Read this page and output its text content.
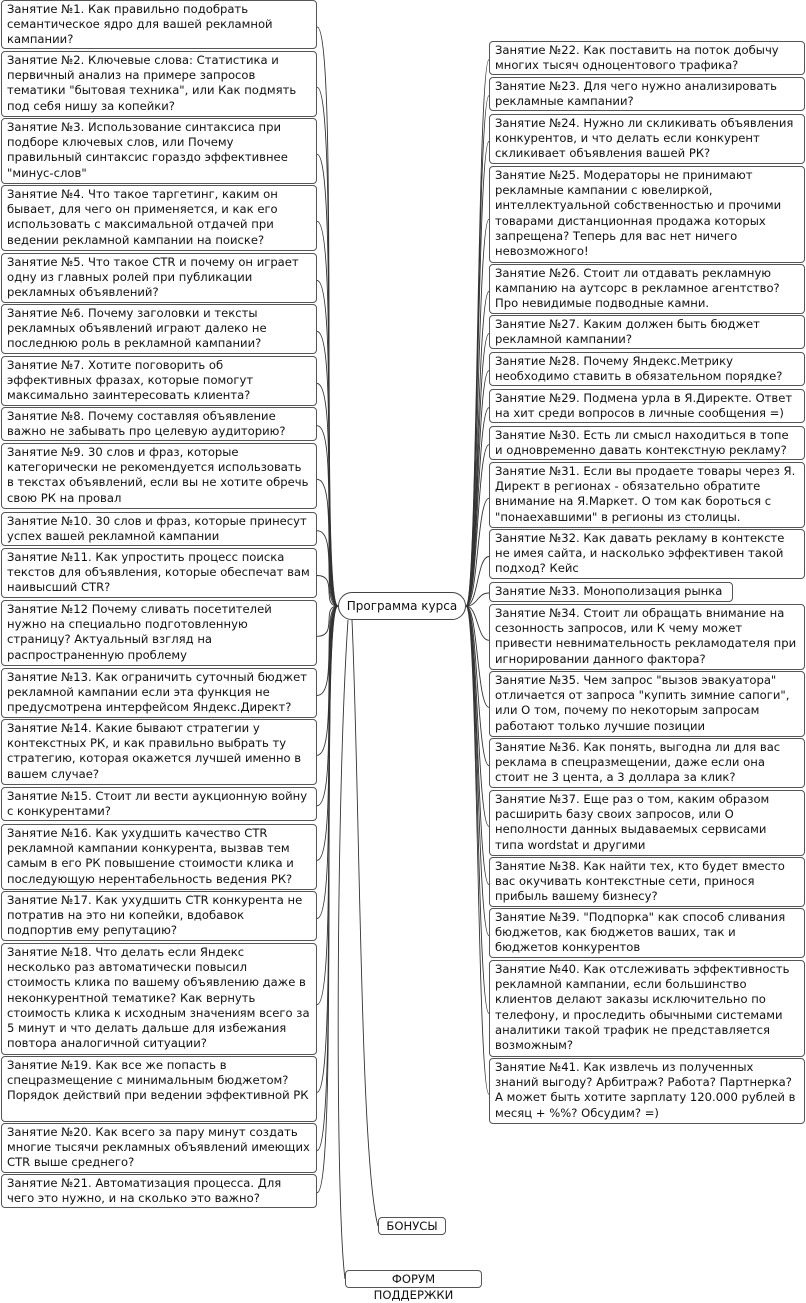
Занятие №1. Как правильно подобрать семантическое ядро для вашей рекламной кампании?
Занятие №2. Ключевые слова: Статистика и первичный анализ на примере запросов тематики "бытовая техника", или Как подмять под себя нишу за копейки?
Занятие №3. Использование синтаксиса при подборе ключевых слов, или Почему правильный синтаксис гораздо эффективнее "минус-слов"
Занятие №4. Что такое таргетинг, каким он бывает, для чего он применяется, и как его использовать с максимальной отдачей при ведении рекламной кампании на поиске?
Занятие №5. Что такое CTR и почему он играет одну из главных ролей при публикации рекламных объявлений?
Занятие №6. Почему заголовки и тексты рекламных объявлений играют далеко не последнюю роль в рекламной кампании?
Занятие №7. Хотите поговорить об эффективных фразах, которые помогут максимально заинтересовать клиента?
Занятие №8. Почему составляя объявление важно не забывать про целевую аудиторию?
Занятие №9. 30 слов и фраз, которые категорически не рекомендуется использовать в текстах объявлений, если вы не хотите обречь свою РК на провал
Занятие №10. 30 слов и фраз, которые принесут успех вашей рекламной кампании
Занятие №11. Как упростить процесс поиска текстов для объявления, которые обеспечат вам наивысший CTR?
Занятие №12 Почему сливать посетителей нужно на специально подготовленную страницу? Актуальный взгляд на распространенную проблему
Занятие №13. Как ограничить суточный бюджет рекламной кампании если эта функция не предусмотрена интерфейсом Яндекс.Директ?
Занятие №14. Какие бывают стратегии у контекстных РК, и как правильно выбрать ту стратегию, которая окажется лучшей именно в вашем случае?
Занятие №15. Стоит ли вести аукционную войну с конкурентами?
Занятие №16. Как ухудшить качество CTR рекламной кампании конкурента, вызвав тем самым в его РК повышение стоимости клика и последующую нерентабельность ведения РК?
Занятие №17. Как ухудшить CTR конкурента не потратив на это ни копейки, вдобавок подпортив ему репутацию?
Занятие №18. Что делать если Яндекс несколько раз автоматически повысил стоимость клика по вашему объявлению даже в неконкурентной тематике? Как вернуть стоимость клика к исходным значениям всего за 5 минут и что делать дальше для избежания повтора аналогичной ситуации?
Занятие №19. Как все же попасть в спецразмещение с минимальным бюджетом? Порядок действий при ведении эффективной РК
Занятие №20. Как всего за пару минут создать многие тысячи рекламных объявлений имеющих CTR выше среднего?
Занятие №21. Автоматизация процесса. Для чего это нужно, и на сколько это важно?
Занятие №22. Как поставить на поток добычу многих тысяч одноцентового трафика?
Занятие №23. Для чего нужно анализировать рекламные кампании?
Занятие №24. Нужно ли скликивать объявления конкурентов, и что делать если конкурент скликивает объявления вашей РК?
Занятие №25. Модераторы не принимают рекламные кампании с ювелиркой, интеллектуальной собственностью и прочими товарами дистанционная продажа которых запрещена? Теперь для вас нет ничего невозможного!
Занятие №26. Стоит ли отдавать рекламную кампанию на аутсорс в рекламное агентство? Про невидимые подводные камни.
Занятие №27. Каким должен быть бюджет рекламной кампании?
Занятие №28. Почему Яндекс.Метрику необходимо ставить в обязательном порядке?
Занятие №29. Подмена урла в Я.Директе. Ответ на хит среди вопросов в личные сообщения =)
Занятие №30. Есть ли смысл находиться в топе и одновременно давать контекстную рекламу?
Занятие №31. Если вы продаете товары через Я. Директ в регионах - обязательно обратите внимание на Я.Маркет. О том как бороться с "понаехавшими" в регионы из столицы.
Занятие №32. Как давать рекламу в контексте не имея сайта, и насколько эффективен такой подход? Кейс
Занятие №33. Монополизация рынка
Занятие №34. Стоит ли обращать внимание на сезонность запросов, или К чему может привести невнимательность рекламодателя при игнорировании данного фактора?
Занятие №35. Чем запрос "вызов эвакуатора" отличается от запроса "купить зимние сапоги", или О том, почему по некоторым запросам работают только лучшие позиции
Занятие №36. Как понять, выгодна ли для вас реклама в спецразмещении, даже если она стоит не 3 цента, а 3 доллара за клик?
Занятие №37. Еще раз о том, каким образом расширить базу своих запросов, или О неполности данных выдаваемых сервисами типа wordstat и другими
Занятие №38. Как найти тех, кто будет вместо вас окучивать контекстные сети, принося прибыль вашему бизнесу?
Занятие №39. "Подпорка" как способ сливания бюджетов, как бюджетов ваших, так и бюджетов конкурентов
Занятие №40. Как отслеживать эффективность рекламной кампании, если большинство клиентов делают заказы исключительно по телефону, и проследить обычными системами аналитики такой трафик не представляется возможным?
Занятие №41. Как извлечь из полученных знаний выгоду? Арбитраж? Работа? Партнерка? А может быть хотите зарплату 120.000 рублей в месяц + %%? Обсудим? =)
Программа курса
БОНУСЫ
ФОРУМ ПОДДЕРЖКИ
